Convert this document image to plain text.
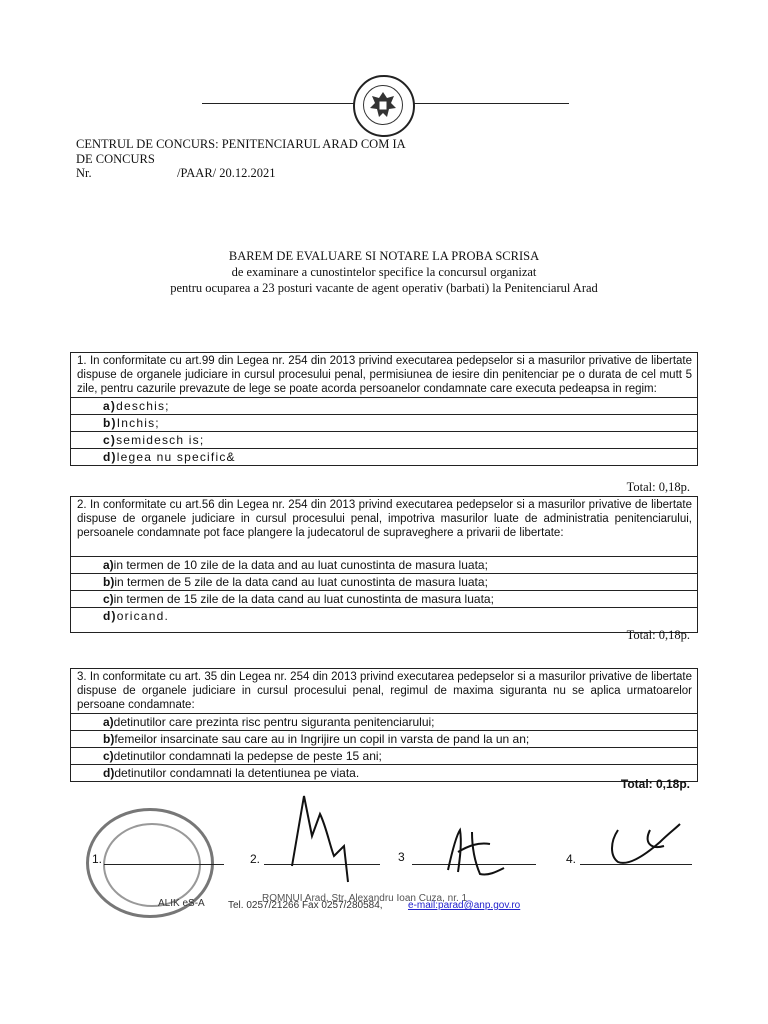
CENTRUL DE CONCURS: PENITENCIARUL ARAD COM IA
DE CONCURS
Nr.	/PAAR/ 20.12.2021
BAREM DE EVALUARE SI NOTARE LA PROBA SCRISA
de examinare a cunostintelor specifice la concursul organizat
pentru ocuparea a 23 posturi vacante de agent operativ (barbati) la Penitenciarul Arad
1. In conformitate cu art.99 din Legea nr. 254 din 2013 privind executarea pedepselor si a masurilor privative de libertate dispuse de organele judiciare in cursul procesului penal, permisiunea de iesire din penitenciar pe o durata de cel mutt 5 zile, pentru cazurile prevazute de lege se poate acorda persoanelor condamnate care executa pedeapsa in regim:
a)deschis;
b)Inchis;
c)semidesch is;
d)legea nu specific&
Total: 0,18p.
2. In conformitate cu art.56 din Legea nr. 254 din 2013 privind executarea pedepselor si a masurilor privative de libertate dispuse de organele judiciare in cursul procesului penal, impotriva masurilor luate de administratia penitenciarului, persoanele condamnate pot face plangere la judecatorul de supraveghere a privarii de libertate:
a)in termen de 10 zile de la data and au luat cunostinta de masura luata;
b)in termen de 5 zile de la data cand au luat cunostinta de masura luata;
c)in termen de 15 zile de la data cand au luat cunostinta de masura luata;
d)oricand.
Total: 0,18p.
3. In conformitate cu art. 35 din Legea nr. 254 din 2013 privind executarea pedepselor si a masurilor privative de libertate dispuse de organele judiciare in cursul procesului penal, regimul de maxima siguranta nu se aplica urmatoarelor persoane condamnate:
a)detinutilor care prezinta risc pentru siguranta penitenciarului;
b)femeilor insarcinate sau care au in Ingrijire un copil in varsta de pand la un an;
c)detinutilor condamnati la pedepse de peste 15 ani;
d)detinutilor condamnati la detentiunea pe viata.
Total: 0,18p.
1.	2.	3	4.
ALIK eS-A	ROMNUI Arad, Str. Alexandru Ioan Cuza, nr. 1
Tel. 0257/21266 Fax 0257/280584,	e-mail:parad@anp.gov.ro
